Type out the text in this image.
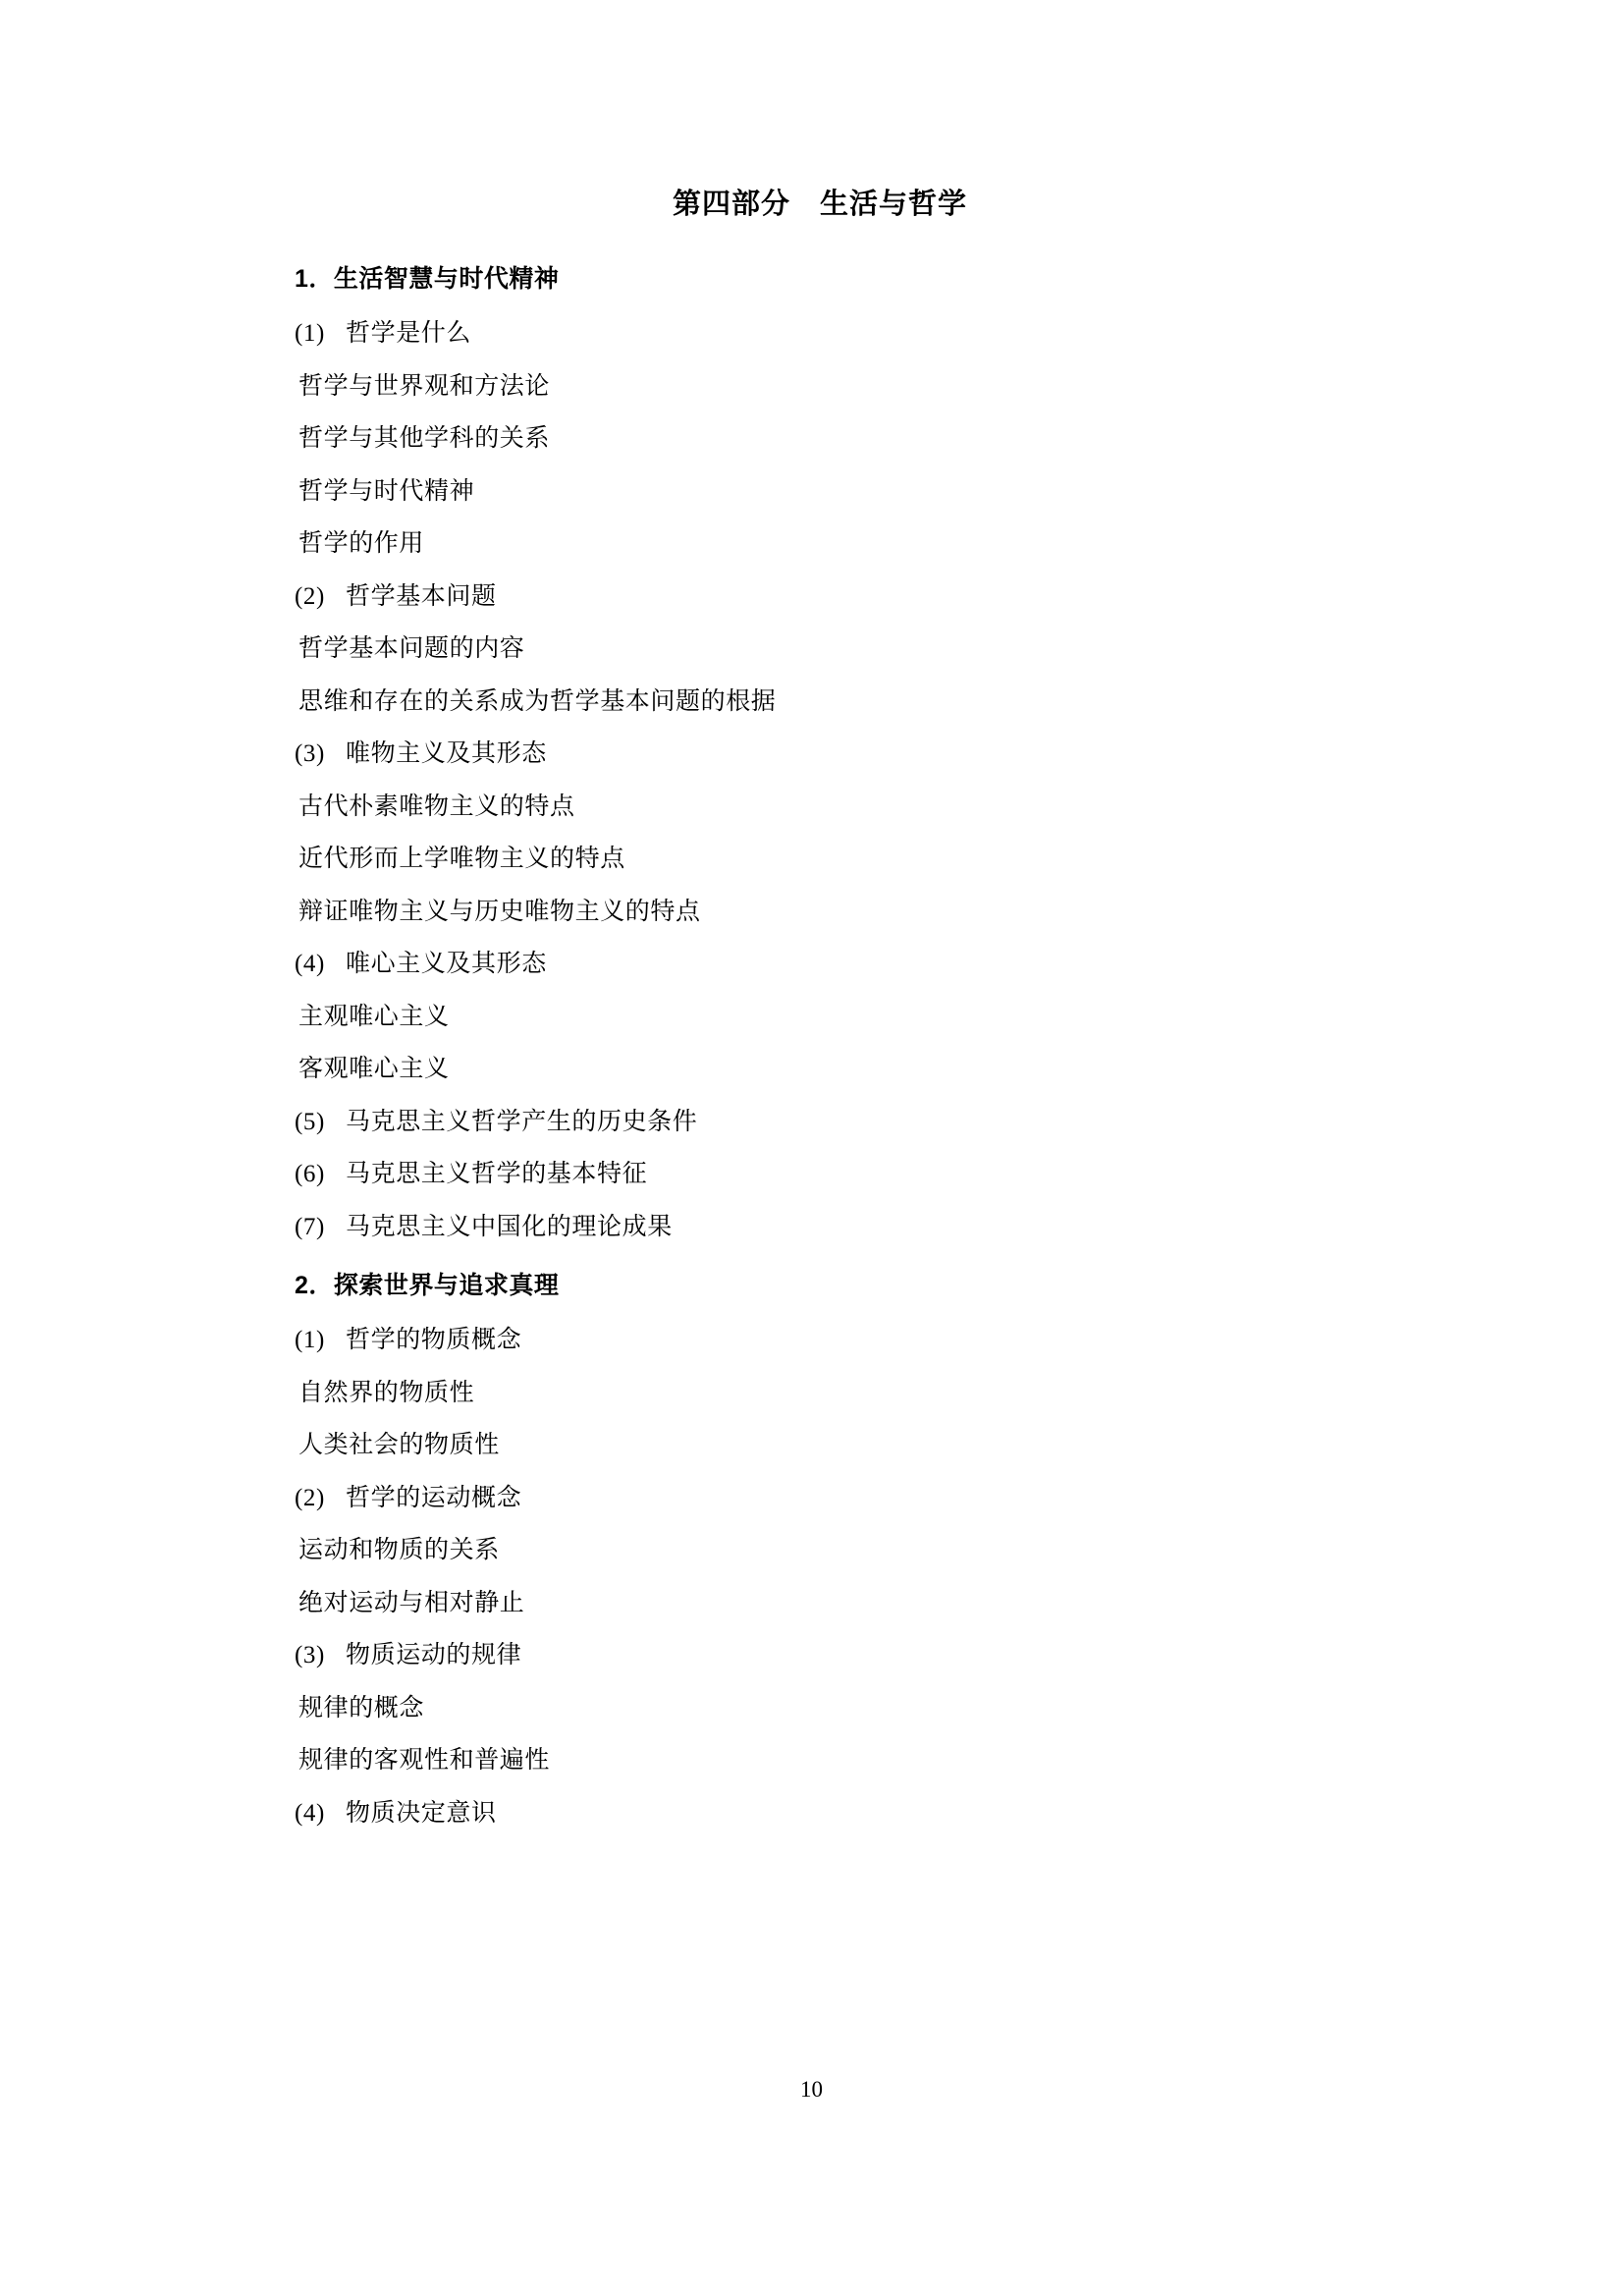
第四部分　生活与哲学
1．生活智慧与时代精神
(1) 哲学是什么
哲学与世界观和方法论
哲学与其他学科的关系
哲学与时代精神
哲学的作用
(2) 哲学基本问题
哲学基本问题的内容
思维和存在的关系成为哲学基本问题的根据
(3) 唯物主义及其形态
古代朴素唯物主义的特点
近代形而上学唯物主义的特点
辩证唯物主义与历史唯物主义的特点
(4) 唯心主义及其形态
主观唯心主义
客观唯心主义
(5) 马克思主义哲学产生的历史条件
(6) 马克思主义哲学的基本特征
(7) 马克思主义中国化的理论成果
2．探索世界与追求真理
(1) 哲学的物质概念
自然界的物质性
人类社会的物质性
(2) 哲学的运动概念
运动和物质的关系
绝对运动与相对静止
(3) 物质运动的规律
规律的概念
规律的客观性和普遍性
(4) 物质决定意识
10
